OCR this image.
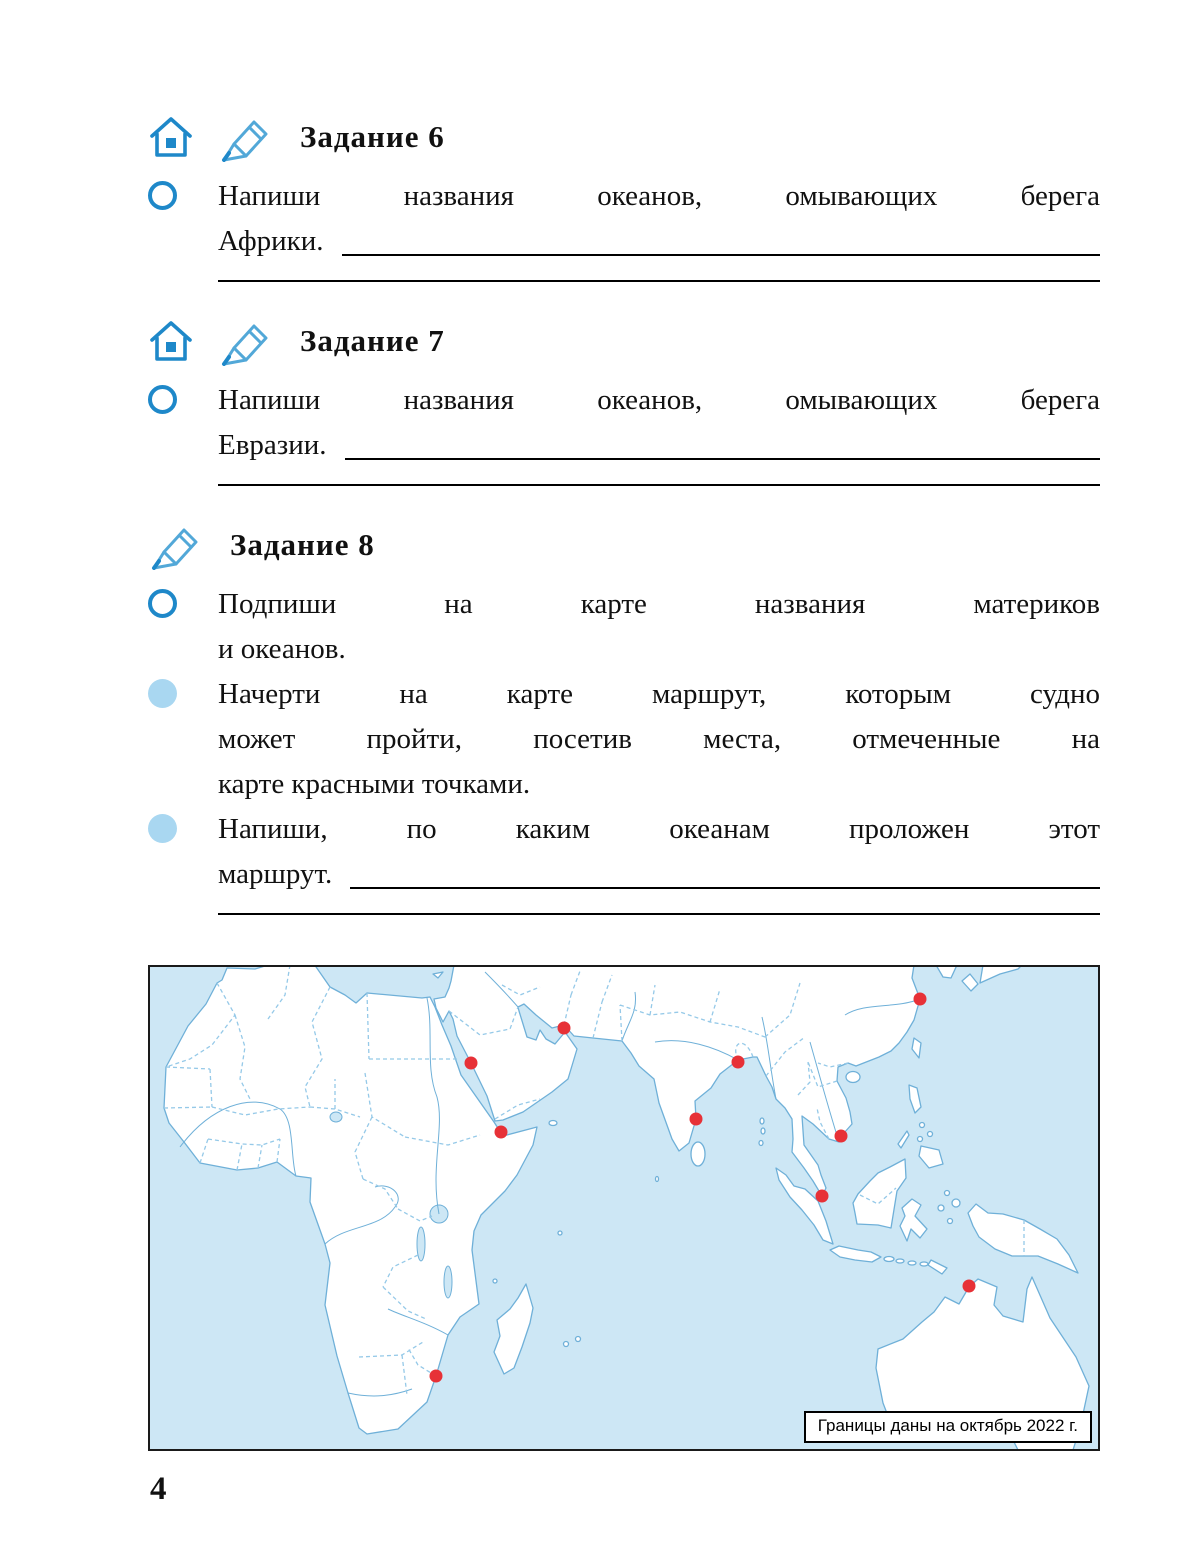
Задание 6
Напиши названия океанов, омывающих берега
Африки.
Задание 7
Напиши названия океанов, омывающих берега
Евразии.
Задание 8
Подпиши на карте названия материков
и океанов.
Начерти на карте маршрут, которым судно
может пройти, посетив места, отмеченные на
карте красными точками.
Напиши, по каким океанам проложен этот
маршрут.
Границы даны на октябрь 2022 г.
4
